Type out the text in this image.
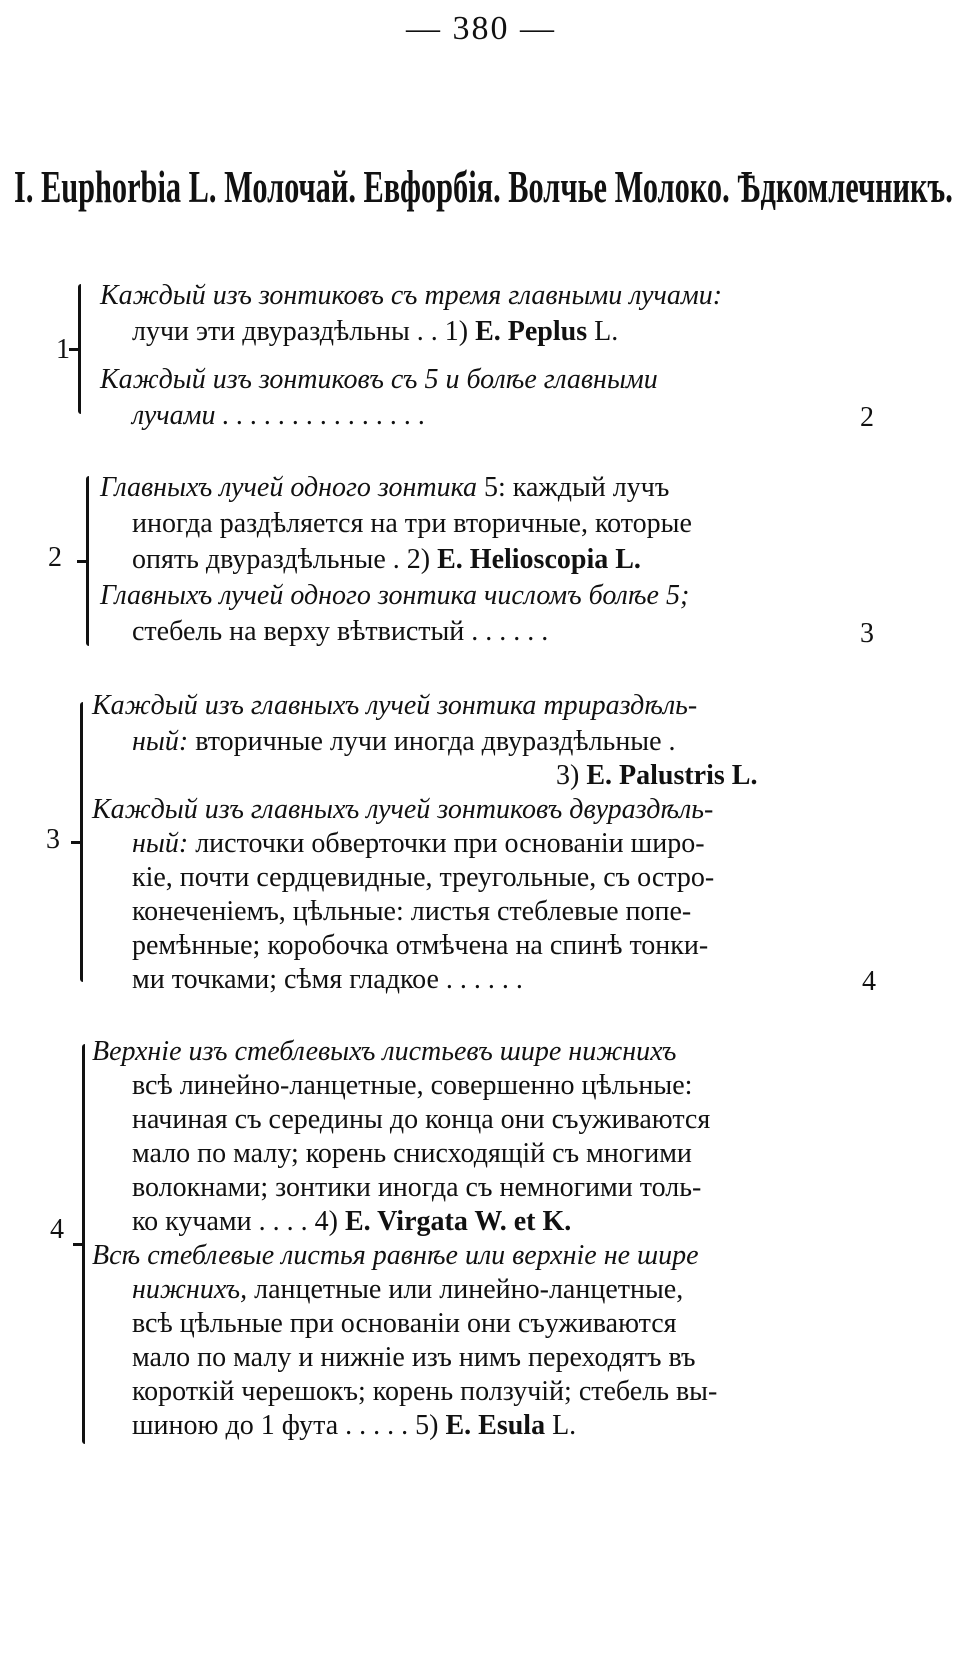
— 380 —
I. Euphorbia L. Молочай. Евфорбія. Волчье Молоко. Ѣдкомлечникъ.
1
Каждый изъ зонтиковъ съ тремя главными лучами:
лучи эти двураздѣльны . . 1) E. Peplus L.
Каждый изъ зонтиковъ съ 5 и болѣе главными
лучами . . . . . . . . . . . . . . .	2
2
Главныхъ лучей одного зонтика 5: каждый лучъ
иногда раздѣляется на три вторичные, которые
опять двураздѣльные . 2) E. Helioscopia L.
Главныхъ лучей одного зонтика числомъ болѣе 5;
стебель на верху вѣтвистый . . . . . .	3
3
Каждый изъ главныхъ лучей зонтика трираздѣль-
ный: вторичные лучи иногда двураздѣльные .
3) E. Palustris L.
Каждый изъ главныхъ лучей зонтиковъ двураздѣль-
ный: листочки обверточки при основаніи широ-
кіе, почти сердцевидные, треугольные, съ остро-
конеченіемъ, цѣльные: листья стеблевые попе-
ремѣнные; коробочка отмѣчена на спинѣ тонки-
ми точками; сѣмя гладкое . . . . . .	4
4
Верхніе изъ стеблевыхъ листьевъ шире нижнихъ
всѣ линейно-ланцетные, совершенно цѣльные:
начиная съ середины до конца они съуживаются
мало по малу; корень снисходящій съ многими
волокнами; зонтики иногда съ немногими толь-
ко кучами . . . . 4) E. Virgata W. et K.
Всѣ стеблевые листья равнѣе или верхніе не шире
нижнихъ, ланцетные или линейно-ланцетные,
всѣ цѣльные при основаніи они съуживаются
мало по малу и нижніе изъ нимъ переходятъ въ
короткій черешокъ; корень ползучій; стебель вы-
шиною до 1 фута . . . . . 5) E. Esula L.
